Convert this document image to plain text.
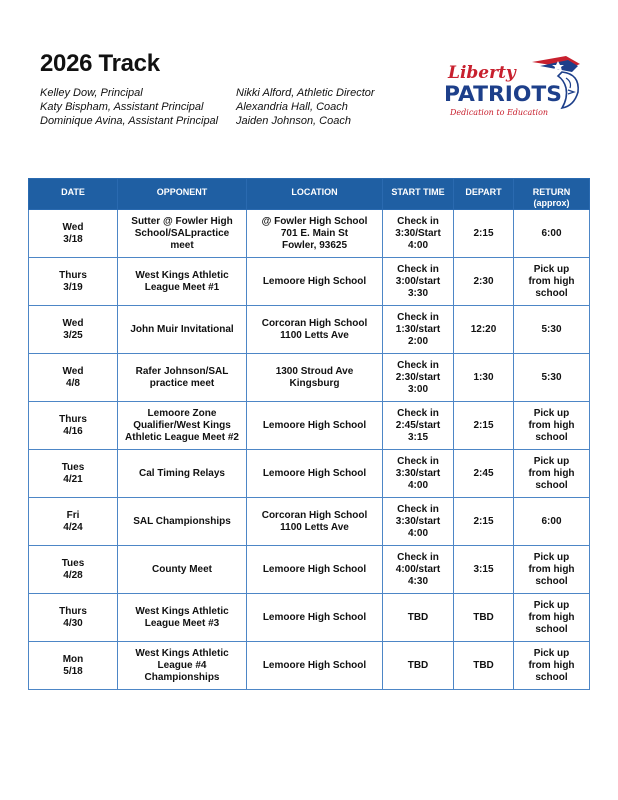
2026 Track
Kelley Dow, Principal
Katy Bispham, Assistant Principal
Dominique Avina, Assistant Principal
Nikki Alford, Athletic Director
Alexandria Hall, Coach
Jaiden Johnson, Coach
Liberty
PATRIOTS
Dedication to Education
DATE	OPPONENT	LOCATION	START TIME	DEPART	RETURN
(approx)
Wed
3/18	Sutter @ Fowler High
School/SALpractice
meet	@ Fowler High School
701 E. Main St
Fowler, 93625	Check in
3:30/Start
4:00	2:15	6:00
Thurs
3/19	West Kings Athletic
League Meet #1	Lemoore High School	Check in
3:00/start
3:30	2:30	Pick up
from high
school
Wed
3/25	John Muir Invitational	Corcoran High School
1100 Letts Ave	Check in
1:30/start
2:00	12:20	5:30
Wed
4/8	Rafer Johnson/SAL
practice meet	1300 Stroud Ave
Kingsburg	Check in
2:30/start
3:00	1:30	5:30
Thurs
4/16	Lemoore Zone
Qualifier/West Kings
Athletic League Meet #2	Lemoore High School	Check in
2:45/start
3:15	2:15	Pick up
from high
school
Tues
4/21	Cal Timing Relays	Lemoore High School	Check in
3:30/start
4:00	2:45	Pick up
from high
school
Fri
4/24	SAL Championships	Corcoran High School
1100 Letts Ave	Check in
3:30/start
4:00	2:15	6:00
Tues
4/28	County Meet	Lemoore High School	Check in
4:00/start
4:30	3:15	Pick up
from high
school
Thurs
4/30	West Kings Athletic
League Meet #3	Lemoore High School	TBD	TBD	Pick up
from high
school
Mon
5/18	West Kings Athletic
League #4
Championships	Lemoore High School	TBD	TBD	Pick up
from high
school
